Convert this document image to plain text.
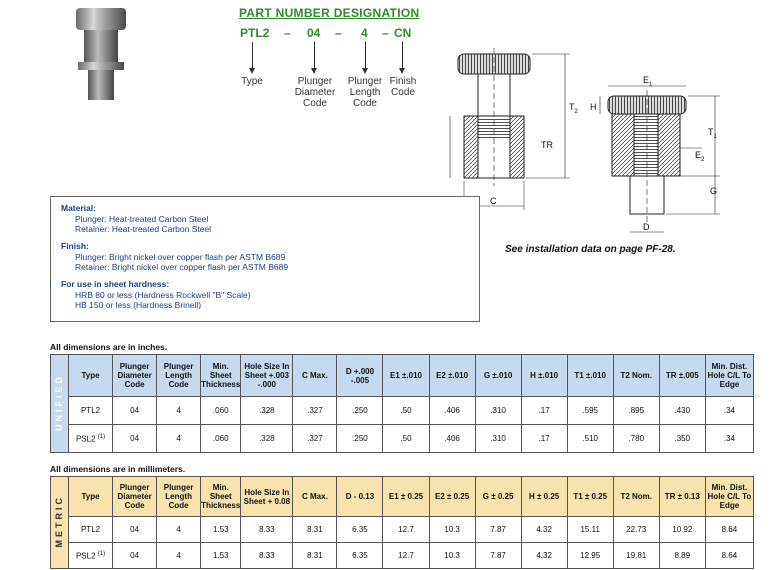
PART NUMBER DESIGNATION
PTL2 – 04 – 4 – CN
Type	Plunger Diameter Code
Plunger Length Code
Finish Code
$E_1$
$T_2$ H
$T_1$
TR
$E_2$
G
C
D
See installation data on page PF-28.
Material:
Plunger: Heat-treated Carbon Steel
Retainer: Heat-treated Carbon Steel
Finish:
Plunger: Bright nickel over copper flash per ASTM B689
Retainer: Bright nickel over copper flash per ASTM B689
For use in sheet hardness:
HRB 80 or less (Hardness Rockwell "B" Scale)
HB 150 or less (Hardness Brinell)
All dimensions are in inches.
UNIFIED	Type	Plunger Diameter Code	Plunger Length Code	Min. Sheet Thickness	Hole Size In Sheet +.003 -.000	C Max.	D +.000 -.005	E1 ±.010	E2 ±.010	G ±.010	H ±.010	T1 ±.010	T2 Nom.	TR ±.005	Min. Dist. Hole C/L To Edge
	PTL2	04	4	.060	.328	.327	.250	.50	.406	.310	.17	.595	.895	.430	.34
	PSL2 $^{(1)}$	04	4	.060	.328	.327	.250	.50	.406	.310	.17	.510	.780	.350	.34
All dimensions are in millimeters.
METRIC	Type	Plunger Diameter Code	Plunger Length Code	Min. Sheet Thickness	Hole Size In Sheet + 0.08	C Max.	D - 0.13	E1 ± 0.25	E2 ± 0.25	G ± 0.25	H ± 0.25	T1 ± 0.25	T2 Nom.	TR ± 0.13	Min. Dist. Hole C/L To Edge
	PTL2	04	4	1.53	8.33	8.31	6.35	12.7	10.3	7.87	4.32	15.11	22.73	10.92	8.64
	PSL2 $^{(1)}$	04	4	1.53	8.33	8.31	6.35	12.7	10.3	7.87	4.32	12.95	19.81	8.89	8.64
